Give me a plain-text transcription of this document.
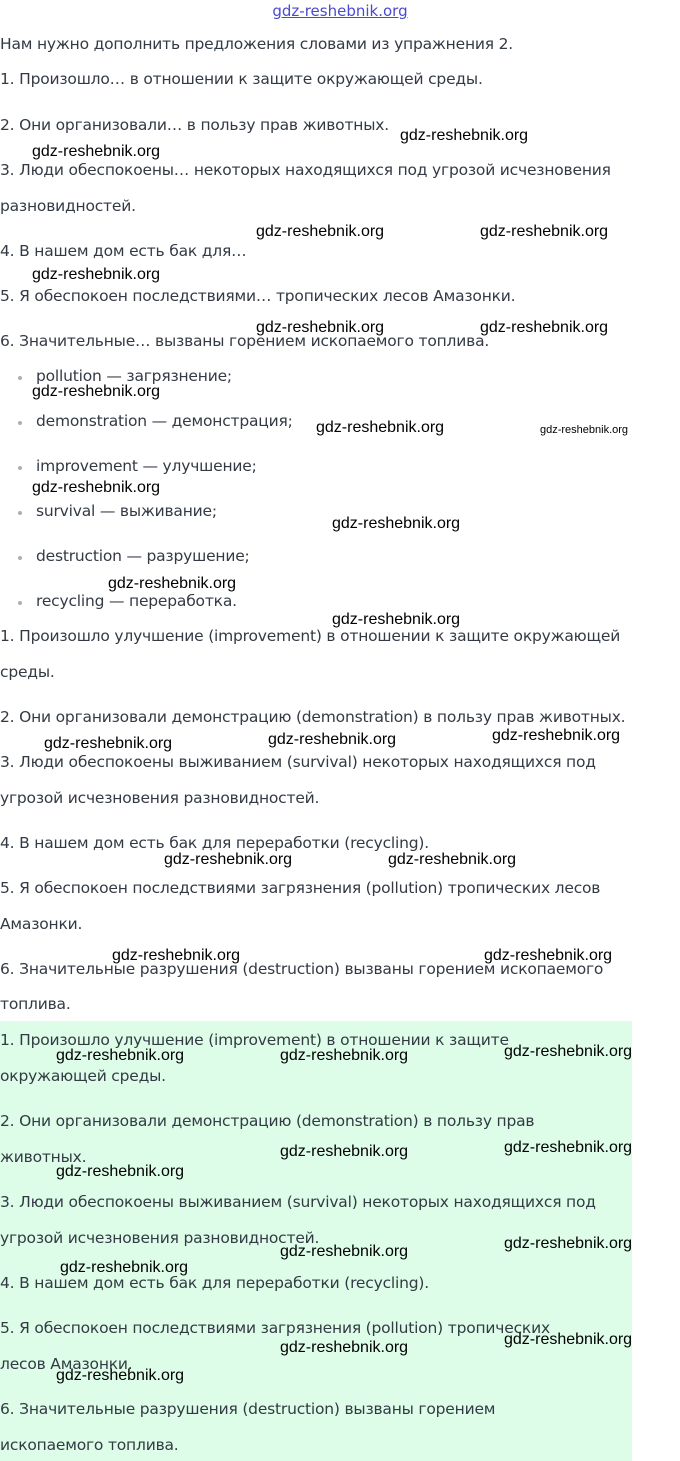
gdz-reshebnik.org
Нам нужно дополнить предложения словами из упражнения 2.
1. Произошло… в отношении к защите окружающей среды.
2. Они организовали… в пользу прав животных.
3. Люди обеспокоены… некоторых находящихся под угрозой исчезновения
разновидностей.
4. В нашем дом есть бак для…
5. Я обеспокоен последствиями… тропических лесов Амазонки.
6. Значительные… вызваны горением ископаемого топлива.
pollution — загрязнение;
demonstration — демонстрация;
improvement — улучшение;
survival — выживание;
destruction — разрушение;
recycling — переработка.
1. Произошло улучшение (improvement) в отношении к защите окружающей
среды.
2. Они организовали демонстрацию (demonstration) в пользу прав животных.
3. Люди обеспокоены выживанием (survival) некоторых находящихся под
угрозой исчезновения разновидностей.
4. В нашем дом есть бак для переработки (recycling).
5. Я обеспокоен последствиями загрязнения (pollution) тропических лесов
Амазонки.
6. Значительные разрушения (destruction) вызваны горением ископаемого
топлива.
1. Произошло улучшение (improvement) в отношении к защите
окружающей среды.
2. Они организовали демонстрацию (demonstration) в пользу прав
животных.
3. Люди обеспокоены выживанием (survival) некоторых находящихся под
угрозой исчезновения разновидностей.
4. В нашем дом есть бак для переработки (recycling).
5. Я обеспокоен последствиями загрязнения (pollution) тропических
лесов Амазонки.
6. Значительные разрушения (destruction) вызваны горением
ископаемого топлива.
gdz-reshebnik.org
gdz-reshebnik.org
gdz-reshebnik.org	gdz-reshebnik.org
gdz-reshebnik.org
gdz-reshebnik.org	gdz-reshebnik.org
gdz-reshebnik.org
gdz-reshebnik.org	gdz-reshebnik.org
gdz-reshebnik.org
gdz-reshebnik.org
gdz-reshebnik.org
gdz-reshebnik.org
gdz-reshebnik.org	gdz-reshebnik.org	gdz-reshebnik.org
gdz-reshebnik.org	gdz-reshebnik.org
gdz-reshebnik.org	gdz-reshebnik.org
gdz-reshebnik.org	gdz-reshebnik.org	gdz-reshebnik.org
gdz-reshebnik.org	gdz-reshebnik.org
gdz-reshebnik.org
gdz-reshebnik.org	gdz-reshebnik.org
gdz-reshebnik.org
gdz-reshebnik.org	gdz-reshebnik.org
gdz-reshebnik.org
